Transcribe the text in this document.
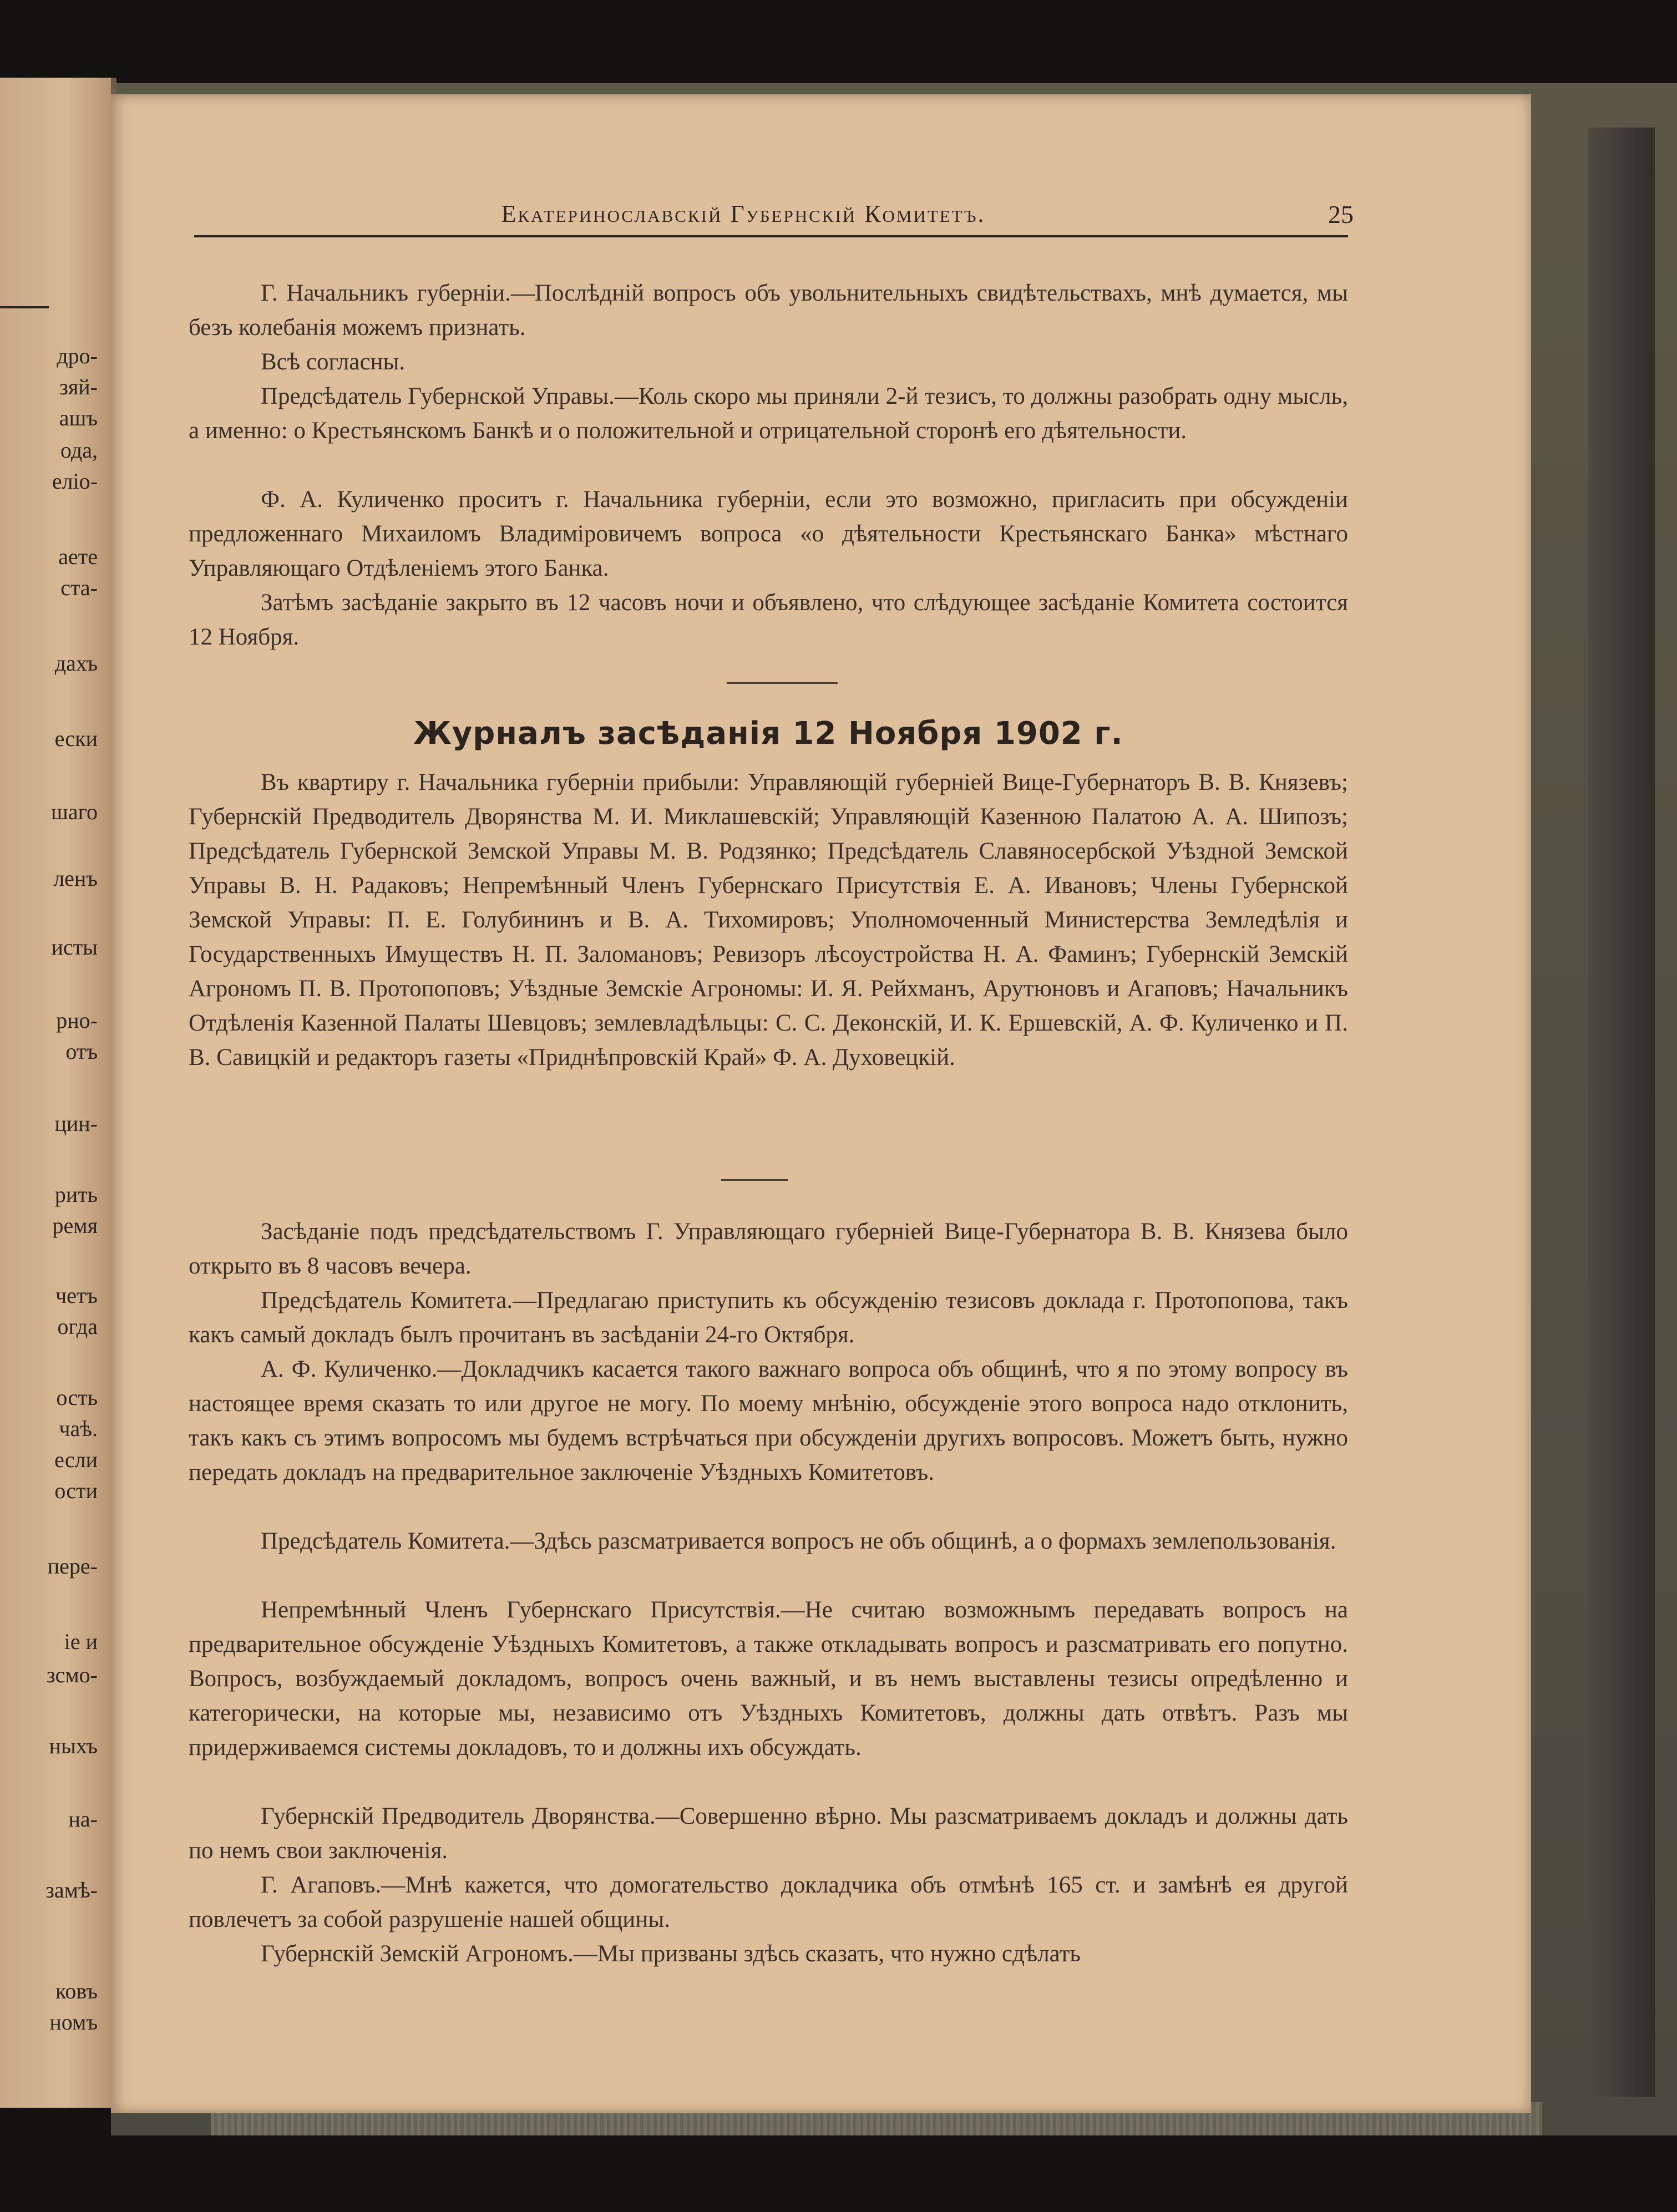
дро-
зяй-
ашъ
ода,
еліо-
аете
ста-
дахъ
ески
шаго
ленъ
исты
рно-
отъ
цин-
рить
ремя
четъ
огда
ость
чаѣ.
если
ости
пере-
іе и
зсмо-
ныхъ
на-
замѣ-
ковъ
номъ
Екатеринославскій Губернскій Комитетъ.	25

Г. Начальникъ губерніи.—Послѣдній вопросъ объ увольнительныхъ свидѣтельствахъ, мнѣ думается, мы безъ колебанія можемъ признать.

Всѣ согласны.

Предсѣдатель Губернской Управы.—Коль скоро мы приняли 2-й тезисъ, то должны разобрать одну мысль, а именно: о Крестьянскомъ Банкѣ и о положительной и отрицательной сторонѣ его дѣятельности.

Ф. А. Куличенко проситъ г. Начальника губерніи, если это возможно, пригласить при обсужденіи предложеннаго Михаиломъ Владиміровичемъ вопроса «о дѣятельности Крестьянскаго Банка» мѣстнаго Управляющаго Отдѣленіемъ этого Банка.

Затѣмъ засѣданіе закрыто въ 12 часовъ ночи и объявлено, что слѣдующее засѣданіе Комитета состоится 12 Ноября.

Журналъ засѣданія 12 Ноября 1902 г.

Въ квартиру г. Начальника губерніи прибыли: Управляющій губерніей Вице-Губернаторъ В. В. Князевъ; Губернскій Предводитель Дворянства М. И. Миклашевскій; Управляющій Казенною Палатою А. А. Шипозъ; Предсѣдатель Губернской Земской Управы М. В. Родзянко; Предсѣдатель Славяносербской Уѣздной Земской Управы В. Н. Радаковъ; Непремѣнный Членъ Губернскаго Присутствія Е. А. Ивановъ; Члены Губернской Земской Управы: П. Е. Голубининъ и В. А. Тихомировъ; Уполномоченный Министерства Земледѣлія и Государственныхъ Имуществъ Н. П. Заломановъ; Ревизоръ лѣсоустройства Н. А. Фаминъ; Губернскій Земскій Агрономъ П. В. Протопоповъ; Уѣздные Земскіе Агрономы: И. Я. Рейхманъ, Арутюновъ и Агаповъ; Начальникъ Отдѣленія Казенной Палаты Шевцовъ; землевладѣльцы: С. С. Деконскій, И. К. Ершевскій, А. Ф. Куличенко и П. В. Савицкій и редакторъ газеты «Приднѣпровскій Край» Ф. А. Духовецкій.

Засѣданіе подъ предсѣдательствомъ Г. Управляющаго губерніей Вице-Губернатора В. В. Князева было открыто въ 8 часовъ вечера.

Предсѣдатель Комитета.—Предлагаю приступить къ обсужденію тезисовъ доклада г. Протопопова, такъ какъ самый докладъ былъ прочитанъ въ засѣданіи 24-го Октября.

А. Ф. Куличенко.—Докладчикъ касается такого важнаго вопроса объ общинѣ, что я по этому вопросу въ настоящее время сказать то или другое не могу. По моему мнѣнію, обсужденіе этого вопроса надо отклонить, такъ какъ съ этимъ вопросомъ мы будемъ встрѣчаться при обсужденіи другихъ вопросовъ. Можетъ быть, нужно передать докладъ на предварительное заключеніе Уѣздныхъ Комитетовъ.

Предсѣдатель Комитета.—Здѣсь разсматривается вопросъ не объ общинѣ, а о формахъ землепользованія.

Непремѣнный Членъ Губернскаго Присутствія.—Не считаю возможнымъ передавать вопросъ на предварительное обсужденіе Уѣздныхъ Комитетовъ, а также откладывать вопросъ и разсматривать его попутно. Вопросъ, возбуждаемый докладомъ, вопросъ очень важный, и въ немъ выставлены тезисы опредѣленно и категорически, на которые мы, независимо отъ Уѣздныхъ Комитетовъ, должны дать отвѣтъ. Разъ мы придерживаемся системы докладовъ, то и должны ихъ обсуждать.

Губернскій Предводитель Дворянства.—Совершенно вѣрно. Мы разсматриваемъ докладъ и должны дать по немъ свои заключенія.

Г. Агаповъ.—Мнѣ кажется, что домогательство докладчика объ отмѣнѣ 165 ст. и замѣнѣ ея другой повлечетъ за собой разрушеніе нашей общины.

Губернскій Земскій Агрономъ.—Мы призваны здѣсь сказать, что нужно сдѣлать
